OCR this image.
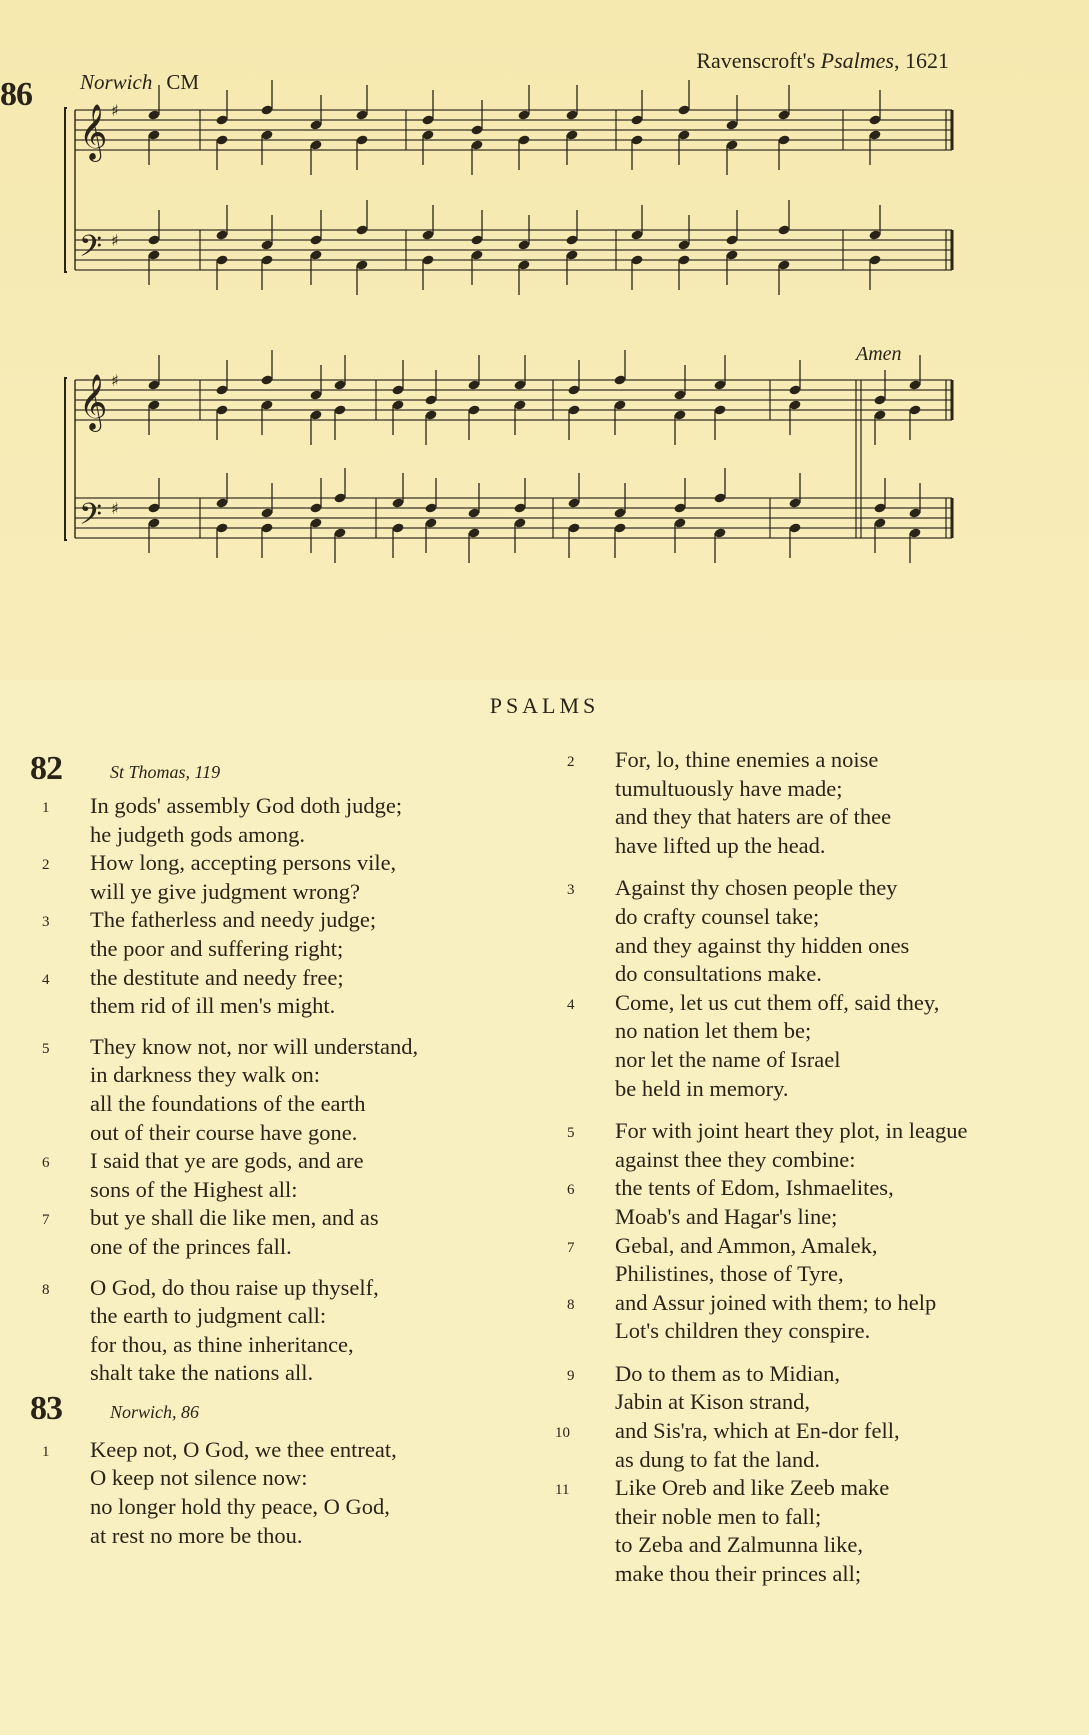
86 Norwich CM
Ravenscroft's Psalmes, 1621
Amen
𝄞
𝄢
♯
♯
𝄞
𝄢
♯
♯
PSALMS
82	St Thomas, 119
1 In gods' assembly God doth judge;
he judgeth gods among.
2 How long, accepting persons vile,
will ye give judgment wrong?
3 The fatherless and needy judge;
the poor and suffering right;
4 the destitute and needy free;
them rid of ill men's might.
5 They know not, nor will understand,
in darkness they walk on:
all the foundations of the earth
out of their course have gone.
6 I said that ye are gods, and are
sons of the Highest all:
7 but ye shall die like men, and as
one of the princes fall.
8 O God, do thou raise up thyself,
the earth to judgment call:
for thou, as thine inheritance,
shalt take the nations all.
83	Norwich, 86
1 Keep not, O God, we thee entreat,
O keep not silence now:
no longer hold thy peace, O God,
at rest no more be thou.
2 For, lo, thine enemies a noise
tumultuously have made;
and they that haters are of thee
have lifted up the head.
3 Against thy chosen people they
do crafty counsel take;
and they against thy hidden ones
do consultations make.
4 Come, let us cut them off, said they,
no nation let them be;
nor let the name of Israel
be held in memory.
5 For with joint heart they plot, in league
against thee they combine:
6 the tents of Edom, Ishmaelites,
Moab's and Hagar's line;
7 Gebal, and Ammon, Amalek,
Philistines, those of Tyre,
8 and Assur joined with them; to help
Lot's children they conspire.
9 Do to them as to Midian,
Jabin at Kison strand,
10 and Sis'ra, which at En-dor fell,
as dung to fat the land.
11 Like Oreb and like Zeeb make
their noble men to fall;
to Zeba and Zalmunna like,
make thou their princes all;
